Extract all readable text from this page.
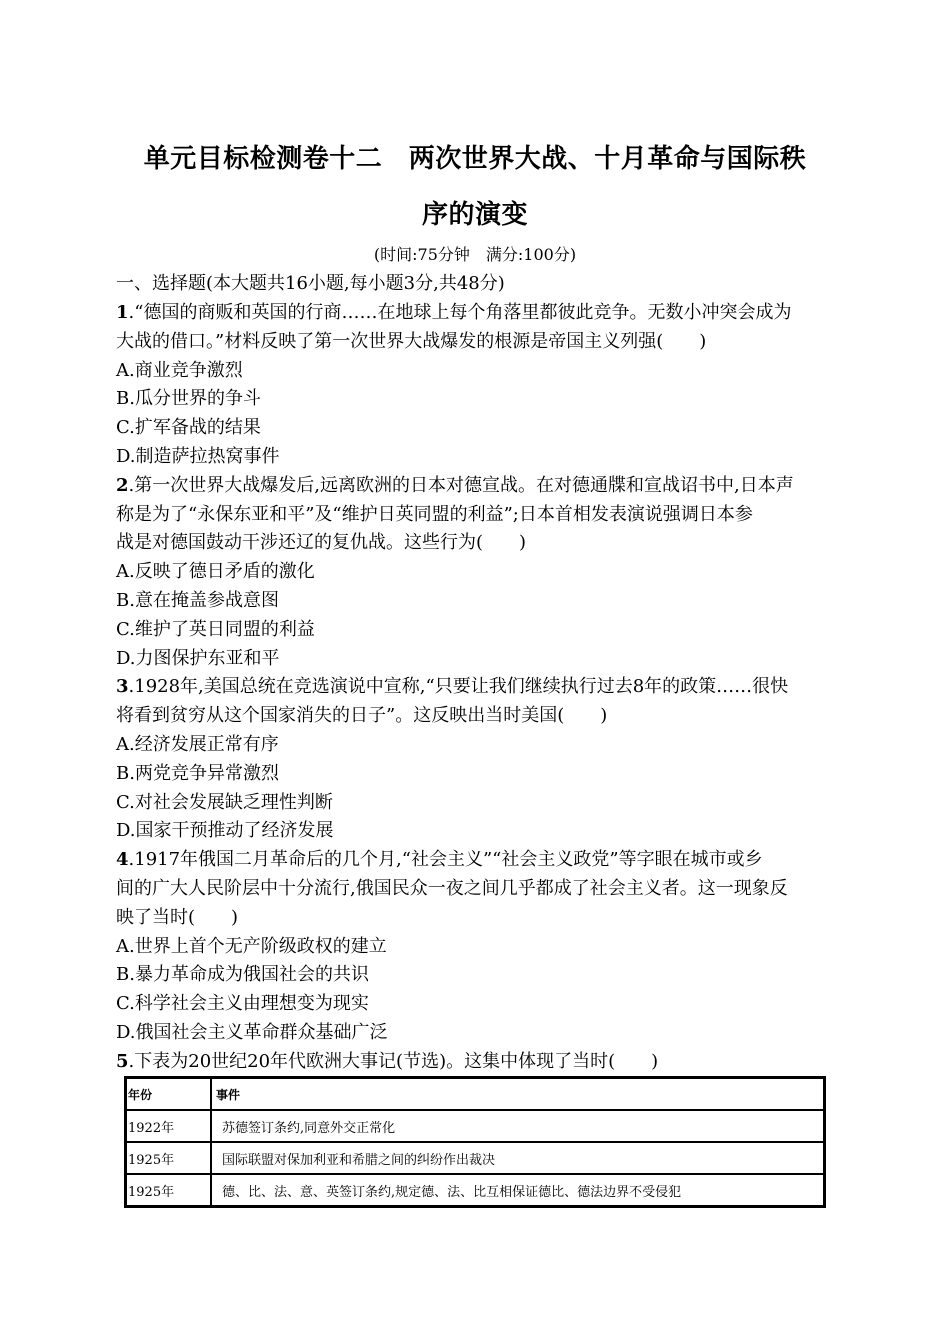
单元目标检测卷十二　两次世界大战、十月革命与国际秩
序的演变
(时间:75分钟　满分:100分)
一、选择题(本大题共16小题,每小题3分,共48分)
1.“德国的商贩和英国的行商……在地球上每个角落里都彼此竞争。无数小冲突会成为
大战的借口。”材料反映了第一次世界大战爆发的根源是帝国主义列强(　　)
A.商业竞争激烈
B.瓜分世界的争斗
C.扩军备战的结果
D.制造萨拉热窝事件
2.第一次世界大战爆发后,远离欧洲的日本对德宣战。在对德通牒和宣战诏书中,日本声
称是为了“永保东亚和平”及“维护日英同盟的利益”;日本首相发表演说强调日本参
战是对德国鼓动干涉还辽的复仇战。这些行为(　　)
A.反映了德日矛盾的激化
B.意在掩盖参战意图
C.维护了英日同盟的利益
D.力图保护东亚和平
3.1928年,美国总统在竞选演说中宣称,“只要让我们继续执行过去8年的政策……很快
将看到贫穷从这个国家消失的日子”。这反映出当时美国(　　)
A.经济发展正常有序
B.两党竞争异常激烈
C.对社会发展缺乏理性判断
D.国家干预推动了经济发展
4.1917年俄国二月革命后的几个月,“社会主义”“社会主义政党”等字眼在城市或乡
间的广大人民阶层中十分流行,俄国民众一夜之间几乎都成了社会主义者。这一现象反
映了当时(　　)
A.世界上首个无产阶级政权的建立
B.暴力革命成为俄国社会的共识
C.科学社会主义由理想变为现实
D.俄国社会主义革命群众基础广泛
5.下表为20世纪20年代欧洲大事记(节选)。这集中体现了当时(　　)
年份	事件
1922年	苏德签订条约,同意外交正常化
1925年	国际联盟对保加利亚和希腊之间的纠纷作出裁决
1925年	德、比、法、意、英签订条约,规定德、法、比互相保证德比、德法边界不受侵犯
